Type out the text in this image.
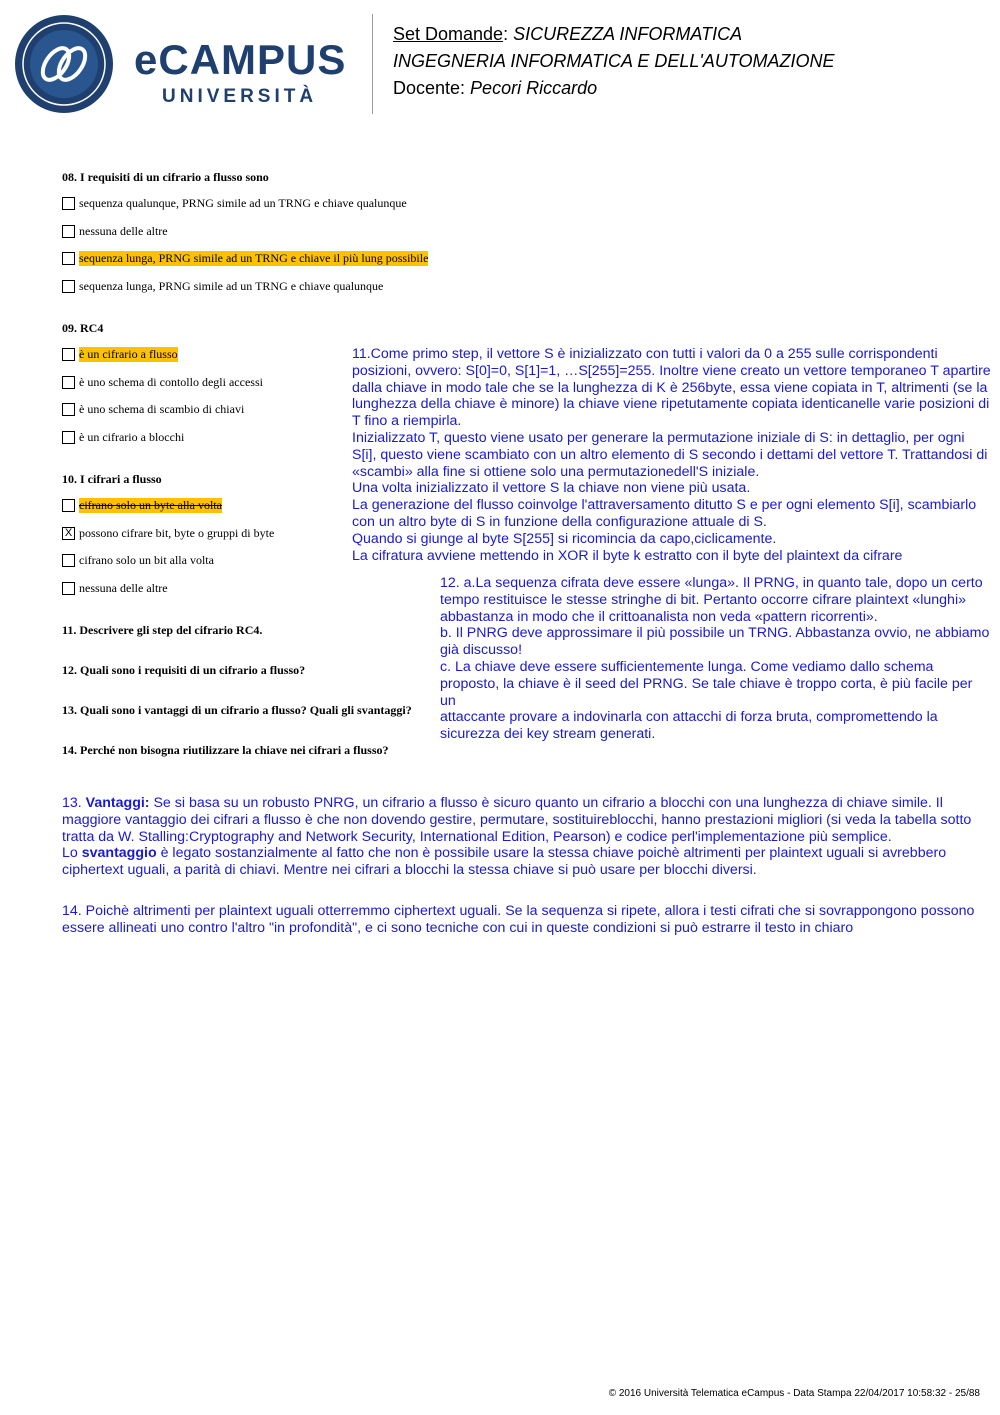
eCAMPUS
UNIVERSITÀ
Set Domande: SICUREZZA INFORMATICA
INGEGNERIA INFORMATICA E DELL'AUTOMAZIONE
Docente: Pecori Riccardo
08. I requisiti di un cifrario a flusso sono
sequenza qualunque, PRNG simile ad un TRNG e chiave qualunque
nessuna delle altre
sequenza lunga, PRNG simile ad un TRNG e chiave il più lung possibile
sequenza lunga, PRNG simile ad un TRNG e chiave qualunque
09. RC4
è un cifrario a flusso
è uno schema di contollo degli accessi
è uno schema di scambio di chiavi
è un cifrario a blocchi
10. I cifrari a flusso
cifrano solo un byte alla volta
X possono cifrare bit, byte o gruppi di byte
cifrano solo un bit alla volta
nessuna delle altre
11. Descrivere gli step del cifrario RC4.
12. Quali sono i requisiti di un cifrario a flusso?
13. Quali sono i vantaggi di un cifrario a flusso? Quali gli svantaggi?
14. Perché non bisogna riutilizzare la chiave nei cifrari a flusso?

11.Come primo step, il vettore S è inizializzato con tutti i valori da 0 a 255 sulle corrispondenti posizioni, ovvero: S[0]=0, S[1]=1, …S[255]=255. Inoltre viene creato un vettore temporaneo T apartire dalla chiave in modo tale che se la lunghezza di K è 256byte, essa viene copiata in T, altrimenti (se la lunghezza della chiave è minore) la chiave viene ripetutamente copiata identicanelle varie posizioni di T fino a riempirla.

Inizializzato T, questo viene usato per generare la permutazione iniziale di S: in dettaglio, per ogni S[i], questo viene scambiato con un altro elemento di S secondo i dettami del vettore T. Trattandosi di «scambi» alla fine si ottiene solo una permutazionedell'S iniziale.

Una volta inizializzato il vettore S la chiave non viene più usata.

La generazione del flusso coinvolge l'attraversamento ditutto S e per ogni elemento S[i], scambiarlo con un altro byte di S in funzione della configurazione attuale di S.

Quando si giunge al byte S[255] si ricomincia da capo,ciclicamente.

La cifratura avviene mettendo in XOR il byte k estratto con il byte del plaintext da cifrare

12. a.La sequenza cifrata deve essere «lunga». Il PRNG, in quanto tale, dopo un certo

tempo restituisce le stesse stringhe di bit. Pertanto occorre cifrare plaintext «lunghi»

abbastanza in modo che il crittoanalista non veda «pattern ricorrenti».

b. Il PNRG deve approssimare il più possibile un TRNG. Abbastanza ovvio, ne abbiamo già discusso!

c. La chiave deve essere sufficientemente lunga. Come vediamo dallo schema proposto, la chiave è il seed del PRNG. Se tale chiave è troppo corta, è più facile per un

attaccante provare a indovinarla con attacchi di forza bruta, compromettendo la sicurezza dei key stream generati.

13. Vantaggi: Se si basa su un robusto PNRG, un cifrario a flusso è sicuro quanto un cifrario a blocchi con una lunghezza di chiave simile. Il maggiore vantaggio dei cifrari a flusso è che non dovendo gestire, permutare, sostituireblocchi, hanno prestazioni migliori (si veda la tabella sotto tratta da W. Stalling:Cryptography and Network Security, International Edition, Pearson) e codice perl'implementazione più semplice.

Lo svantaggio è legato sostanzialmente al fatto che non è possibile usare la stessa chiave poichè altrimenti per plaintext uguali si avrebbero ciphertext uguali, a parità di chiavi. Mentre nei cifrari a blocchi la stessa chiave si può usare per blocchi diversi.

14. Poichè altrimenti per plaintext uguali otterremmo ciphertext uguali. Se la sequenza si ripete, allora i testi cifrati che si sovrappongono possono essere allineati uno contro l'altro "in profondità", e ci sono tecniche con cui in queste condizioni si può estrarre il testo in chiaro
© 2016 Università Telematica eCampus - Data Stampa 22/04/2017 10:58:32 - 25/88
